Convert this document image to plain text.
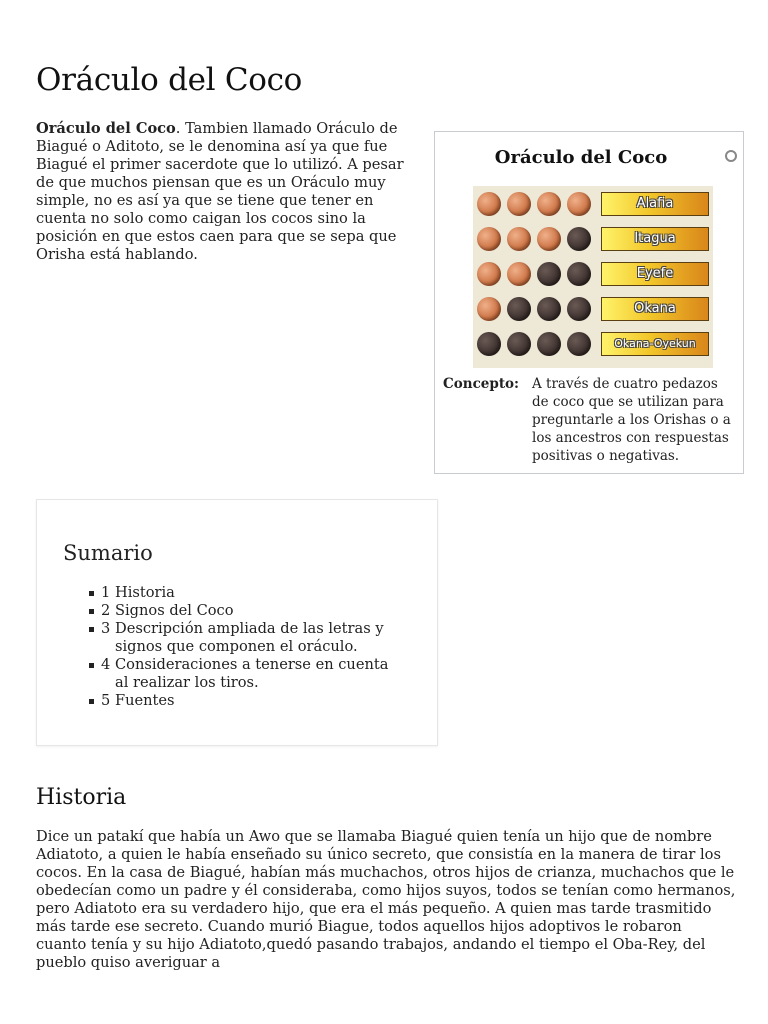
Oráculo del Coco

Oráculo del Coco. Tambien llamado Oráculo de Biagué o Aditoto, se le denomina así ya que fue Biagué el primer sacerdote que lo utilizó. A pesar de que muchos piensan que es un Oráculo muy simple, no es así ya que se tiene que tener en cuenta no solo como caigan los cocos sino la posición en que estos caen para que se sepa que Orisha está hablando.

Oráculo del Coco
Alafia
Itagua
Eyefe
Okana
Okana-Oyekun
Concepto: A través de cuatro pedazos de coco que se utilizan para preguntarle a los Orishas o a los ancestros con respuestas positivas o negativas.
Sumario
1 Historia
2 Signos del Coco
3 Descripción ampliada de las letras y signos que componen el oráculo.
4 Consideraciones a tenerse en cuenta al realizar los tiros.
5 Fuentes
Historia

Dice un patakí que había un Awo que se llamaba Biagué quien tenía un hijo que de nombre Adiatoto, a quien le había enseñado su único secreto, que consistía en la manera de tirar los cocos. En la casa de Biagué, habían más muchachos, otros hijos de crianza, muchachos que le obedecían como un padre y él consideraba, como hijos suyos, todos se tenían como hermanos, pero Adiatoto era su verdadero hijo, que era el más pequeño. A quien mas tarde trasmitido más tarde ese secreto. Cuando murió Biague, todos aquellos hijos adoptivos le robaron cuanto tenía y su hijo Adiatoto,quedó pasando trabajos, andando el tiempo el Oba-Rey, del pueblo quiso averiguar a
